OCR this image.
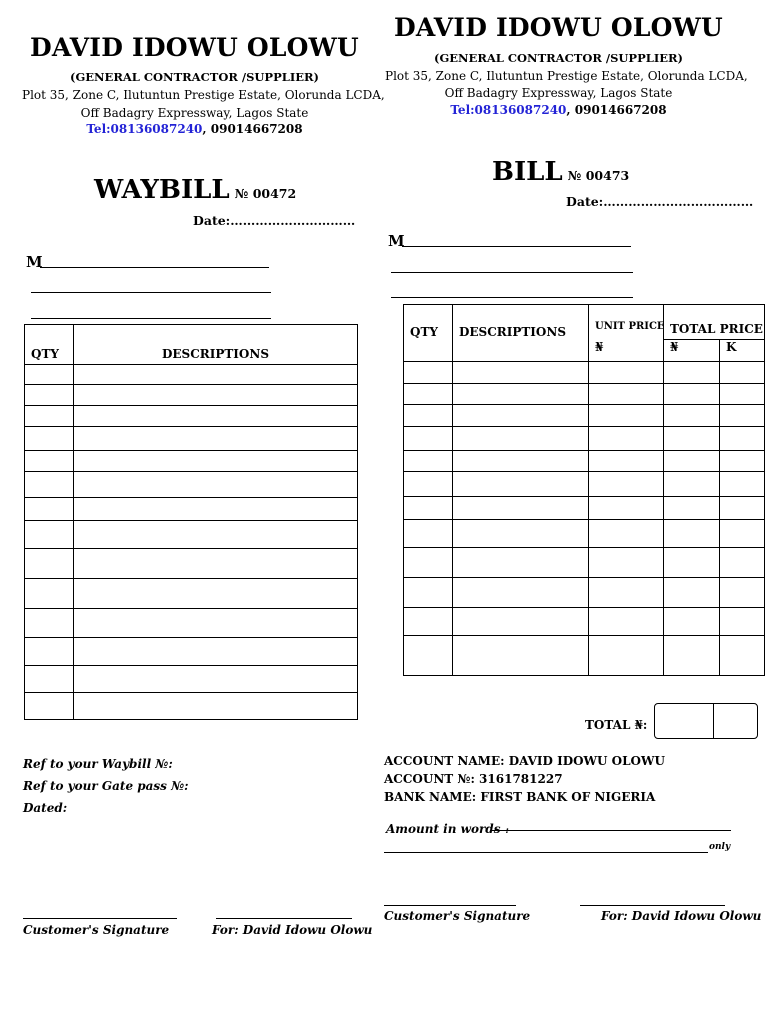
DAVID IDOWU OLOWU
(GENERAL CONTRACTOR /SUPPLIER)
Plot 35, Zone C, Ilutuntun Prestige Estate, Olorunda LCDA,
Off Badagry Expressway, Lagos State
Tel:08136087240, 09014667208
WAYBILL № 00472
Date:…………………………
M
QTY	DESCRIPTIONS

Ref to your Waybill №:
Ref to your Gate pass №:
Dated:
Customer's Signature	For: David Idowu Olowu
DAVID IDOWU OLOWU
(GENERAL CONTRACTOR /SUPPLIER)
Plot 35, Zone C, Ilutuntun Prestige Estate, Olorunda LCDA,
Off Badagry Expressway, Lagos State
Tel:08136087240, 09014667208
BILL № 00473
Date:………………………………
M
QTY	DESCRIPTIONS	UNIT PRICE	TOTAL PRICE	
		₦	₦	K

TOTAL ₦:
ACCOUNT NAME: DAVID IDOWU OLOWU
ACCOUNT №: 3161781227
BANK NAME: FIRST BANK OF NIGERIA
Amount in words :
only
Customer's Signature	For: David Idowu Olowu
